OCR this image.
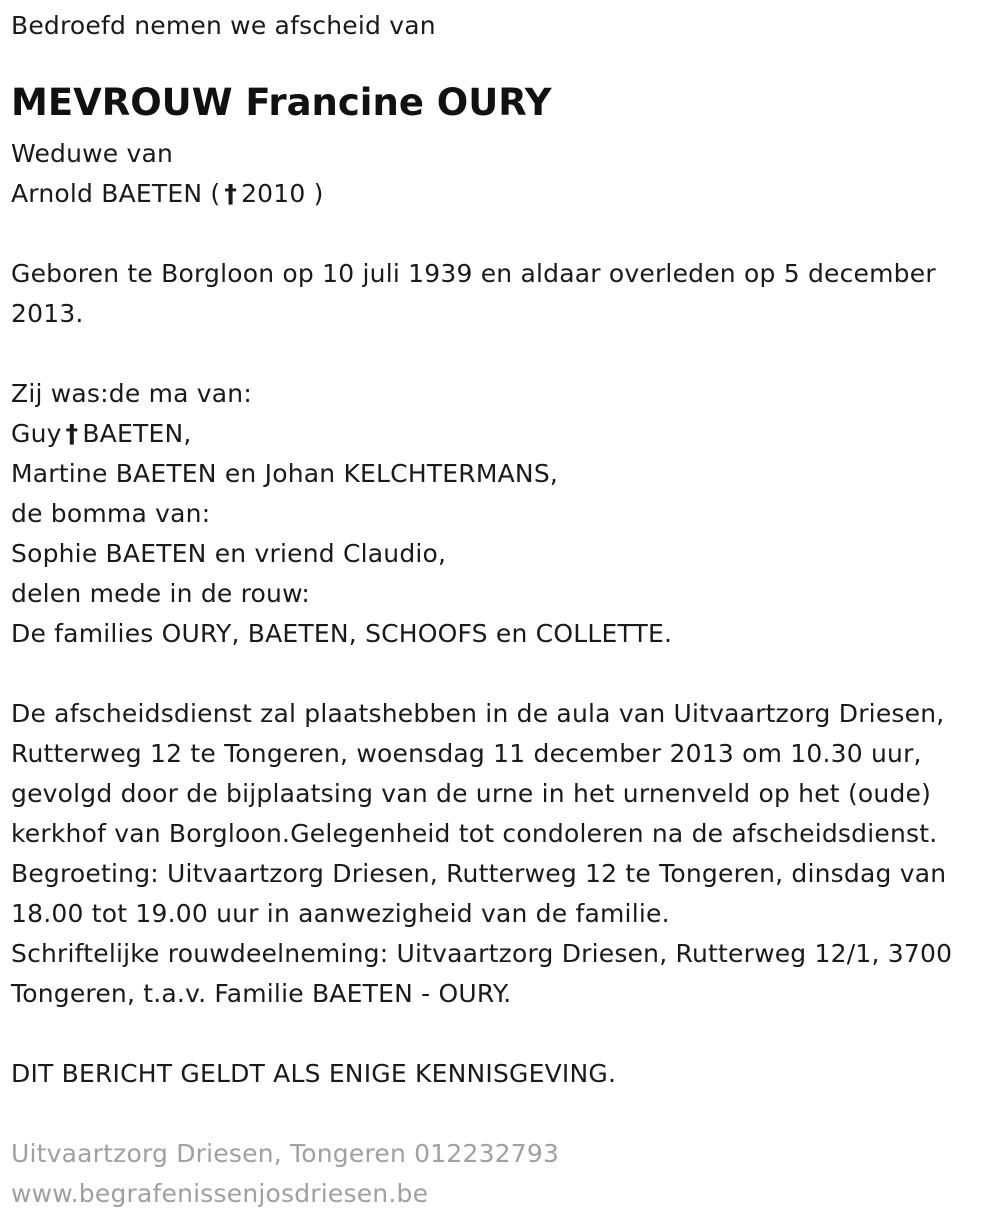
Bedroefd nemen we afscheid van
MEVROUW Francine OURY
Weduwe van
Arnold BAETEN ( † 2010 )
Geboren te Borgloon op 10 juli 1939 en aldaar overleden op 5 december
2013.
Zij was:de ma van:
Guy † BAETEN,
Martine BAETEN en Johan KELCHTERMANS,
de bomma van:
Sophie BAETEN en vriend Claudio,
delen mede in de rouw:
De families OURY, BAETEN, SCHOOFS en COLLETTE.
De afscheidsdienst zal plaatshebben in de aula van Uitvaartzorg Driesen,
Rutterweg 12 te Tongeren, woensdag 11 december 2013 om 10.30 uur,
gevolgd door de bijplaatsing van de urne in het urnenveld op het (oude)
kerkhof van Borgloon.Gelegenheid tot condoleren na de afscheidsdienst.
Begroeting: Uitvaartzorg Driesen, Rutterweg 12 te Tongeren, dinsdag van
18.00 tot 19.00 uur in aanwezigheid van de familie.
Schriftelijke rouwdeelneming: Uitvaartzorg Driesen, Rutterweg 12/1, 3700
Tongeren, t.a.v. Familie BAETEN - OURY.
DIT BERICHT GELDT ALS ENIGE KENNISGEVING.
Uitvaartzorg Driesen, Tongeren 012232793
www.begrafenissenjosdriesen.be
